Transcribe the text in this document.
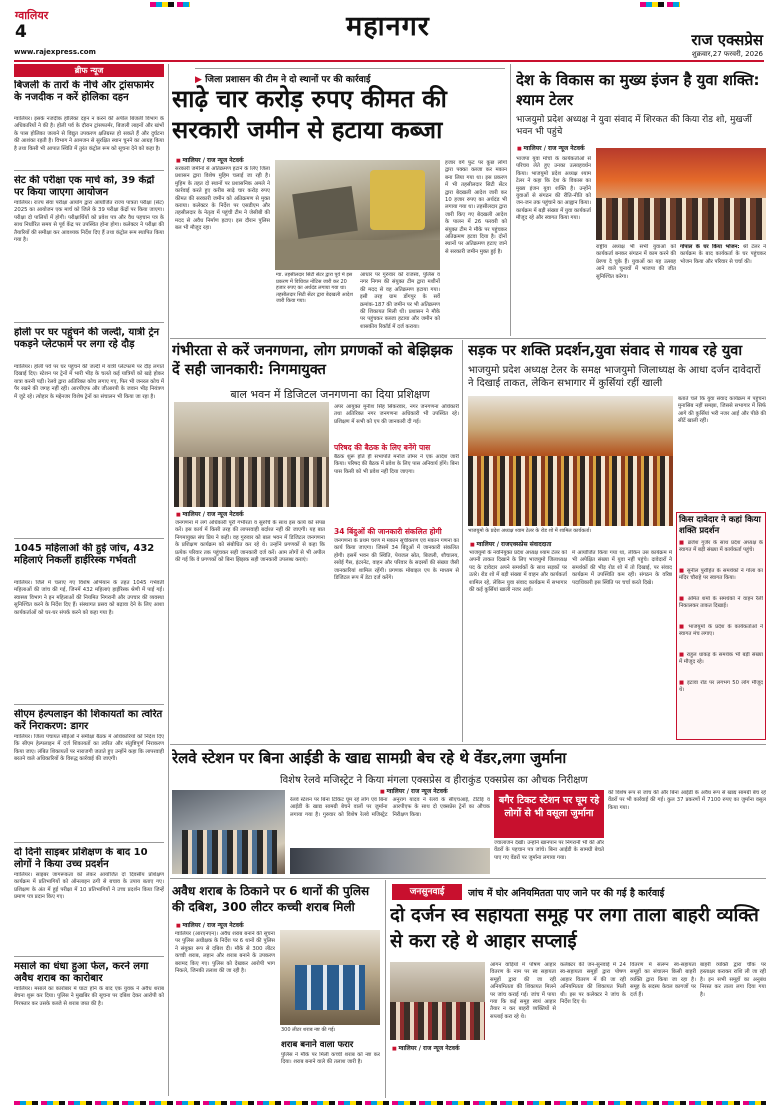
ग्वालियर
4
www.rajexpress.com
महानगर	राज एक्सप्रेस
शुक्रवार,27 फरवरी, 2026
ब्रीफ न्यूज
बिजली के तारों के नीचे और ट्रांसफार्मर के नजदीक न करें होलिका दहन
ग्वालियर। इसके नजदीक होलिका दहन न करने की अपील बिजली विभाग के अधिकारियों ने की है। होली पर्व के दौरान ट्रांसफार्मर, बिजली लाइनों और खंभों के पास होलिका जलाने से विद्युत उपकरण क्षतिग्रस्त हो सकते हैं और दुर्घटना की आशंका रहती है। विभाग ने आमजन से सुरक्षित स्थान चुनने का आग्रह किया है तथा किसी भी आपात स्थिति में तुरंत कंट्रोल रूम को सूचना देने को कहा है।
सेट की परीक्षा एक मार्च को, 39 केंद्रों पर किया जाएगा आयोजन
ग्वालियर। राज्य सेवा परीक्षा आयोग द्वारा आयोजित राज्य पात्रता परीक्षा (सेट) 2025 का आयोजन एक मार्च को जिले के 39 परीक्षा केंद्रों पर किया जाएगा। परीक्षा दो पालियों में होगी। परीक्षार्थियों को प्रवेश पत्र और वैध पहचान पत्र के साथ निर्धारित समय से पूर्व केंद्र पर उपस्थित होना होगा। कलेक्टर ने परीक्षा की तैयारियों की समीक्षा कर आवश्यक निर्देश दिए हैं तथा कंट्रोल रूम स्थापित किया गया है।
होली पर घर पहुंचने की जल्दी, यात्री ट्रेन पकड़ने प्लेटफार्म पर लगा रहे दौड़
ग्वालियर। होली पर्व पर घर पहुंचने की जल्दी में यात्री प्लेटफार्म पर दौड़ लगाते दिखाई दिए। स्टेशन पर ट्रेनों में भारी भीड़ के चलते कई यात्रियों को खड़े होकर यात्रा करनी पड़ी। रेलवे द्वारा अतिरिक्त कोच लगाए गए, फिर भी जनरल कोच में पैर रखने की जगह नहीं रही। आरपीएफ और जीआरपी के जवान भीड़ नियंत्रण में जुटे रहे। त्योहार के मद्देनजर विशेष ट्रेनों का संचालन भी किया जा रहा है।
1045 महिलाओं की हुई जांच, 432 महिलाएं निकलीं हाईरिस्क गर्भवती
ग्वालियर। जिले में चलाए गए विशेष अभियान के तहत 1045 गर्भवती महिलाओं की जांच की गई, जिनमें 432 महिलाएं हाईरिस्क श्रेणी में पाई गईं। स्वास्थ्य विभाग ने इन महिलाओं की नियमित निगरानी और उपचार की व्यवस्था सुनिश्चित करने के निर्देश दिए हैं। संस्थागत प्रसव को बढ़ावा देने के लिए आशा कार्यकर्ताओं को घर-घर संपर्क करने को कहा गया है।
सीएम हेल्पलाइन की शिकायतों का त्वरित करें निराकरण: डागर
ग्वालियर। जिला पंचायत सीईओ ने समीक्षा बैठक में अधिकारियों को निर्देश दिए कि सीएम हेल्पलाइन में दर्ज शिकायतों का त्वरित और संतुष्टिपूर्ण निराकरण किया जाए। लंबित शिकायतों पर नाराजगी जताते हुए उन्होंने कहा कि लापरवाही बरतने वाले अधिकारियों के विरुद्ध कार्रवाई की जाएगी।
दो दिनी साइबर प्रशिक्षण के बाद 10 लोगों ने किया उच्च प्रदर्शन
ग्वालियर। साइबर जागरूकता को लेकर आयोजित दो दिवसीय प्रशिक्षण कार्यक्रम में प्रतिभागियों को ऑनलाइन ठगी से बचाव के उपाय बताए गए। प्रशिक्षण के अंत में हुई परीक्षा में 10 प्रतिभागियों ने उच्च प्रदर्शन किया जिन्हें प्रमाण पत्र प्रदान किए गए।
मसाले का धंधा हुआ फेल, करने लगा अवैध शराब का कारोबार
ग्वालियर। मसाले का कारोबार में घाटा होने के बाद एक युवक ने अवैध शराब बेचना शुरू कर दिया। पुलिस ने मुखबिर की सूचना पर दबिश देकर आरोपी को गिरफ्तार कर उसके कब्जे से शराब जब्त की है।
▶ जिला प्रशासन की टीम ने दो स्थानों पर की कार्रवाई
साढ़े चार करोड़ रुपए कीमत की सरकारी जमीन से हटाया कब्जा
■ ग्वालियर / राज न्यूज नेटवर्क
सरकारी जमीनों से अतिक्रमण हटाने के लिए जिला प्रशासन द्वारा विशेष मुहिम चलाई जा रही है। मुहिम के तहत दो स्थानों पर प्रशासनिक अमले ने कार्रवाई करते हुए करीब साढ़े चार करोड़ रुपए कीमत की सरकारी जमीन को अतिक्रमण से मुक्त कराया। कलेक्टर के निर्देश पर एसडीएम और तहसीलदार के नेतृत्व में पहुंची टीम ने जेसीबी की मदद से अवैध निर्माण हटाए। इस दौरान पुलिस बल भी मौजूद रहा।
ग्वा. तहसीलदार सिटी सेंटर द्वारा पूर्व में इस प्रकरण में विधिवत नोटिस जारी कर 20 हजार रुपए का अर्थदंड लगाया गया था। तहसीलदार सिटी सेंटर द्वारा बेदखली आदेश जारी किया गया।
आधार पर गुरुवार को राजस्व, पुलिस व नगर निगम की संयुक्त टीम द्वारा मशीनों की मदद से वह अतिक्रमण हटाया गया। इसी तरह ग्राम डोंगपुर के सर्वे क्रमांक-187 की जमीन पर भी अतिक्रमण की शिकायत मिली थी। प्रशासन ने मौके पर पहुंचकर कब्जा हटाया और जमीन को शासकीय रिकॉर्ड में दर्ज कराया।
हजार वर्ग फुट पर कुछ लोगों द्वारा पक्का कब्जा कर मकान बना लिया गया था। इस प्रकरण में भी तहसीलदार सिटी सेंटर द्वारा बेदखली आदेश जारी कर 10 हजार रुपए का अर्थदंड भी लगाया गया था। तहसीलदार द्वारा जारी किए गए बेदखली आदेश के पालन में 26 फरवरी को संयुक्त टीम ने मौके पर पहुंचकर अतिक्रमण हटवा दिया है। दोनों स्थानों पर अतिक्रमण हटाए जाने से सरकारी जमीन मुक्त हुई है।
देश के विकास का मुख्य इंजन है युवा शक्ति: श्याम टेलर
भाजयुमो प्रदेश अध्यक्ष ने युवा संवाद में शिरकत की किया रोड शो, मुखर्जी भवन भी पहुंचे
■ ग्वालियर / राज न्यूज नेटवर्क
भाजपा युवा मोर्चा के कार्यकर्ताओं से परिचय लेते हुए उनका उत्साहवर्धन किया। भाजयुमो प्रदेश अध्यक्ष श्याम टेलर ने कहा कि देश के विकास का मुख्य इंजन युवा शक्ति है। उन्होंने युवाओं से संगठन की रीति-नीति को जन-जन तक पहुंचाने का आह्वान किया। कार्यक्रम में बड़ी संख्या में युवा कार्यकर्ता मौजूद रहे और स्वागत किया गया।
राष्ट्रीय अध्यक्ष भी सभी युवाओं को कार्यकर्ता बनकर संगठन में काम करने की प्रेरणा दे चुके हैं। युवाओं का यह उत्साह आने वाले चुनावों में भाजपा की जीत सुनिश्चित करेगा।
गोपाल के घर किया भोजन: श्री टेलर ने कार्यक्रम के बाद कार्यकर्ता के घर पहुंचकर भोजन किया और परिवार से चर्चा की।
गंभीरता से करें जनगणना, लोग प्रगणकों को बेझिझक दें सही जानकारी: निगमायुक्त
बाल भवन में डिजिटल जनगणना का दिया प्रशिक्षण
■ ग्वालियर / राज न्यूज नेटवर्क
अपर आयुक्त मुनीश सिंह सिकरवार, नगर जनगणना अधिकारी तथा अतिरिक्त नगर जनगणना अधिकारी भी उपस्थित रहे। प्रशिक्षण में सभी को एप की जानकारी दी गई।
परिषद की बैठक के लिए बनेंगे पास
बैठक शुरू होते ही सभापति मनोज तोमर ने एक आदेश जारी किया। परिषद की बैठक में प्रवेश के लिए पास अनिवार्य होंगे। बिना पास किसी को भी प्रवेश नहीं दिया जाएगा।
जनगणना में लगे अधिकारी पूरी गंभीरता व सुरुचि के साथ इस कार्य को संपन्न करें। इस कार्य में किसी तरह की लापरवाही बर्दाश्त नहीं की जाएगी। यह बात निगमायुक्त संघ प्रिय ने कही। वह गुरुवार को बाल भवन में डिजिटल जनगणना के प्रशिक्षण कार्यक्रम को संबोधित कर रहे थे। उन्होंने प्रगणकों से कहा कि प्रत्येक परिवार तक पहुंचकर सही जानकारी दर्ज करें। आम लोगों से भी अपील की गई कि वे प्रगणकों को बिना झिझक सही जानकारी उपलब्ध कराएं।
34 बिंदुओं की जानकारी संकलित होगी
जनगणना के प्रथम चरण में मकान सूचीकरण एवं मकान गणना का कार्य किया जाएगा। जिसमें 34 बिंदुओं में जानकारी संकलित होगी। इसमें भवन की स्थिति, पेयजल स्रोत, बिजली, शौचालय, रसोई गैस, इंटरनेट, वाहन और परिवार के सदस्यों की संख्या जैसी जानकारियां शामिल रहेंगी। प्रगणक मोबाइल एप के माध्यम से डिजिटल रूप में डेटा दर्ज करेंगे।
सड़क पर शक्ति प्रदर्शन,युवा संवाद से गायब रहे युवा
भाजयुमो प्रदेश अध्यक्ष टेलर के समक्ष भाजयुमो जिलाध्यक्ष के आधा दर्जन दावेदारों ने दिखाई ताकत, लेकिन सभागार में कुर्सियां रहीं खाली
भाजयुमो के प्रदेश अध्यक्ष श्याम टेलर के रोड शो में शामिल कार्यकर्ता।
■ ग्वालियर / राजएक्सप्रेस संवाददाता
भाजयुमो के नवनियुक्त प्रदेश अध्यक्ष श्याम टेलर को अपनी ताकत दिखाने के लिए भाजयुमो जिलाध्यक्ष पद के दावेदार अपने समर्थकों के साथ सड़कों पर उतरे। रोड शो में बड़ी संख्या में वाहन और कार्यकर्ता शामिल रहे, लेकिन युवा संवाद कार्यक्रम में सभागार की कई कुर्सियां खाली नजर आईं।
में आयोजित किया गया था, लेकिन उस कार्यक्रम में भी अपेक्षित संख्या में युवा नहीं पहुंचे। दावेदारों ने समर्थकों की भीड़ रोड शो में तो दिखाई, पर संवाद कार्यक्रम में उपस्थिति कम रही। संगठन के वरिष्ठ पदाधिकारी इस स्थिति पर चर्चा करते दिखे।
बताते चलें कि युवा संवाद कार्यक्रम में पहुंचना मुनासिब नहीं समझा, जिससे सभागार में सिर्फ आगे की कुर्सियां भरी नजर आईं और पीछे की सीटें खाली रहीं।
किस दावेदार ने कहां किया शक्ति प्रदर्शन
■ ब्रजेश गुर्जर के साथ प्रदेश अध्यक्ष के स्वागत में बड़ी संख्या में कार्यकर्ता पहुंचे।
■ सुनील पुरोहित के समर्थकों ने गोला का मंदिर चौराहे पर स्वागत किया।
■ अमित शर्मा के समर्थकों ने वाहन रैली निकालकर ताकत दिखाई।
■ भाजयुमो के प्रदेश के कार्यकर्ताओं ने स्वागत मंच लगाए।
■ राहुल धाकड़ के समर्थक भी बड़ी संख्या में मौजूद रहे।
■ इटावा रोड पर लगभग 50 लोग मौजूद थे।
रेलवे स्टेशन पर बिना आईडी के खाद्य सामग्री बेच रहे थे वेंडर,लगा जुर्माना
विशेष रेलवे मजिस्ट्रेट ने किया मंगला एक्सप्रेस व हीराकुंड एक्सप्रेस का औचक निरीक्षण
■ ग्वालियर / राज न्यूज नेटवर्क
रेलवे स्टेशन पर बिना टिकिट घूम रहे लोग एवं बिना आईडी के खाद्य सामग्री बेचने वालों पर जुर्माना लगाया गया है। गुरुवार को विशेष रेलवे मजिस्ट्रेट अनुराग यादव ने रेलवे के सीएचआई, टीटीई व आरपीएफ के साथ दो एक्सप्रेस ट्रेनों का औचक निरीक्षण किया।
बगैर टिकट स्टेशन पर घूम रहे लोगों से भी वसूला जुर्माना
ज्वालाजन देखी। उन्होंने खानपान पर निगरानी भी की और वेंडरों के पहचान पत्र जांचे। बिना आईडी के सामग्री बेचते पाए गए वेंडरों पर जुर्माना लगाया गया।
की विशेष रूप से जांच की और बिना आईडी के अवैध रूप से खाद्य सामग्री बेच रहे वेंडरों पर भी कार्रवाई की गई। कुल 37 प्रकरणों में 7100 रुपए का जुर्माना वसूल किया गया।
अवैध शराब के ठिकाने पर 6 थानों की पुलिस की दबिश, 300 लीटर कच्ची शराब मिली
■ ग्वालियर / राज न्यूज नेटवर्क
ग्वालियर (आरएनएन)। अवैध शराब बनाने की सूचना पर पुलिस अधीक्षक के निर्देश पर 6 थानों की पुलिस ने संयुक्त रूप से दबिश दी। मौके से 300 लीटर कच्ची शराब, लहान और शराब बनाने के उपकरण बरामद किए गए। पुलिस को देखकर आरोपी भाग निकले, जिनकी तलाश की जा रही है।
300 लीटर शराब नष्ट की गई।
शराब बनाने वाला फरार
पुलिस ने मौके पर मिली कच्ची शराब को नष्ट कर दिया। शराब बनाने वाले की तलाश जारी है।
जनसुनवाई	जांच में घोर अनियमितता पाए जाने पर की गई है कार्रवाई
दो दर्जन स्व सहायता समूह पर लगा ताला बाहरी व्यक्ति से करा रहे थे आहार सप्लाई
■ ग्वालियर / राज न्यूज नेटवर्क
आंगन वाड़ियों में पोषण आहार वितरण के नाम पर स्व सहायता समूहों द्वारा की जा रही अनियमितता की शिकायत मिलने पर जांच कराई गई। जांच में पाया गया कि कई समूह स्वयं आहार तैयार न कर बाहरी व्यक्तियों से सप्लाई करा रहे थे।
कलेक्टर की जन-सुनवाई में 24 स्व-सहायता समूहों द्वारा पोषण आहार वितरण में की जा रही अनियमितता की शिकायत मिली थी। इस पर कलेक्टर ने जांच के निर्देश दिए थे।
वितरण में संलग्न स्व-सहायता समूहों का संचालन किसी बाहरी व्यक्ति द्वारा किया जा रहा है। समूह के सदस्य केवल कागजों पर दर्ज हैं।
बाहरी व्यक्ति द्वारा चौक पर हस्ताक्षर कराकर राशि ली जा रही है। इन सभी समूहों का अनुबंध निरस्त कर ताला लगा दिया गया है।
